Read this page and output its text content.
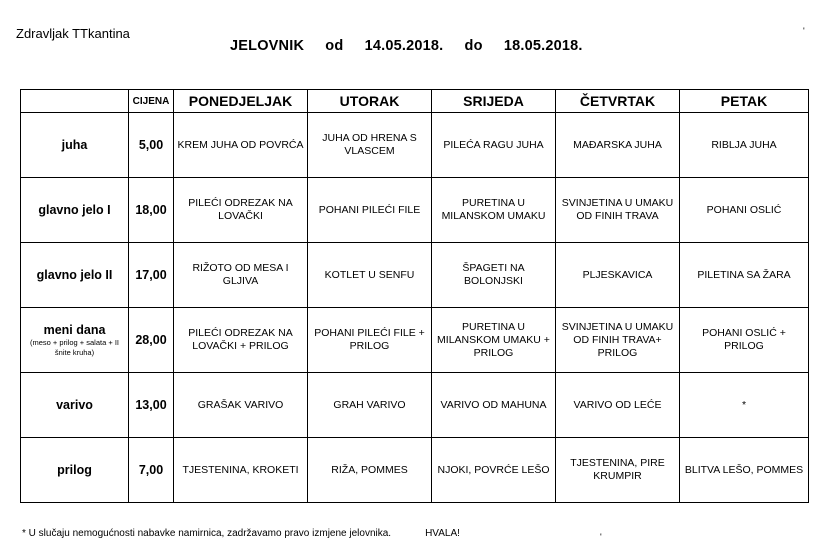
Zdravljak TTkantina	'
JELOVNIK od 14.05.2018. do 18.05.2018.
	CIJENA	PONEDJELJAK	UTORAK	SRIJEDA	ČETVRTAK	PETAK
juha	5,00	KREM JUHA OD POVRĆA	JUHA OD HRENA S VLASCEM	PILEĆA RAGU JUHA	MAĐARSKA JUHA	RIBLJA JUHA
glavno jelo I	18,00	PILEĆI ODREZAK NA LOVAČKI	POHANI PILEĆI FILE	PURETINA U MILANSKOM UMAKU	SVINJETINA U UMAKU OD FINIH TRAVA	POHANI OSLIĆ
glavno jelo II	17,00	RIŽOTO OD MESA I GLJIVA	KOTLET U SENFU	ŠPAGETI NA BOLONJSKI	PLJESKAVICA	PILETINA SA ŽARA
meni dana
(meso + prilog + salata + II šnite kruha)	28,00	PILEĆI ODREZAK NA LOVAČKI + PRILOG	POHANI PILEĆI FILE + PRILOG	PURETINA U MILANSKOM UMAKU + PRILOG	SVINJETINA U UMAKU OD FINIH TRAVA+ PRILOG	POHANI OSLIĆ + PRILOG
varivo	13,00	GRAŠAK VARIVO	GRAH VARIVO	VARIVO OD MAHUNA	VARIVO OD LEĆE	*
prilog	7,00	TJESTENINA, KROKETI	RIŽA, POMMES	NJOKI, POVRĆE LEŠO	TJESTENINA, PIRE KRUMPIR	BLITVA LEŠO, POMMES
* U slučaju nemogućnosti nabavke namirnica, zadržavamo pravo izmjene jelovnika.	HVALA!	'
